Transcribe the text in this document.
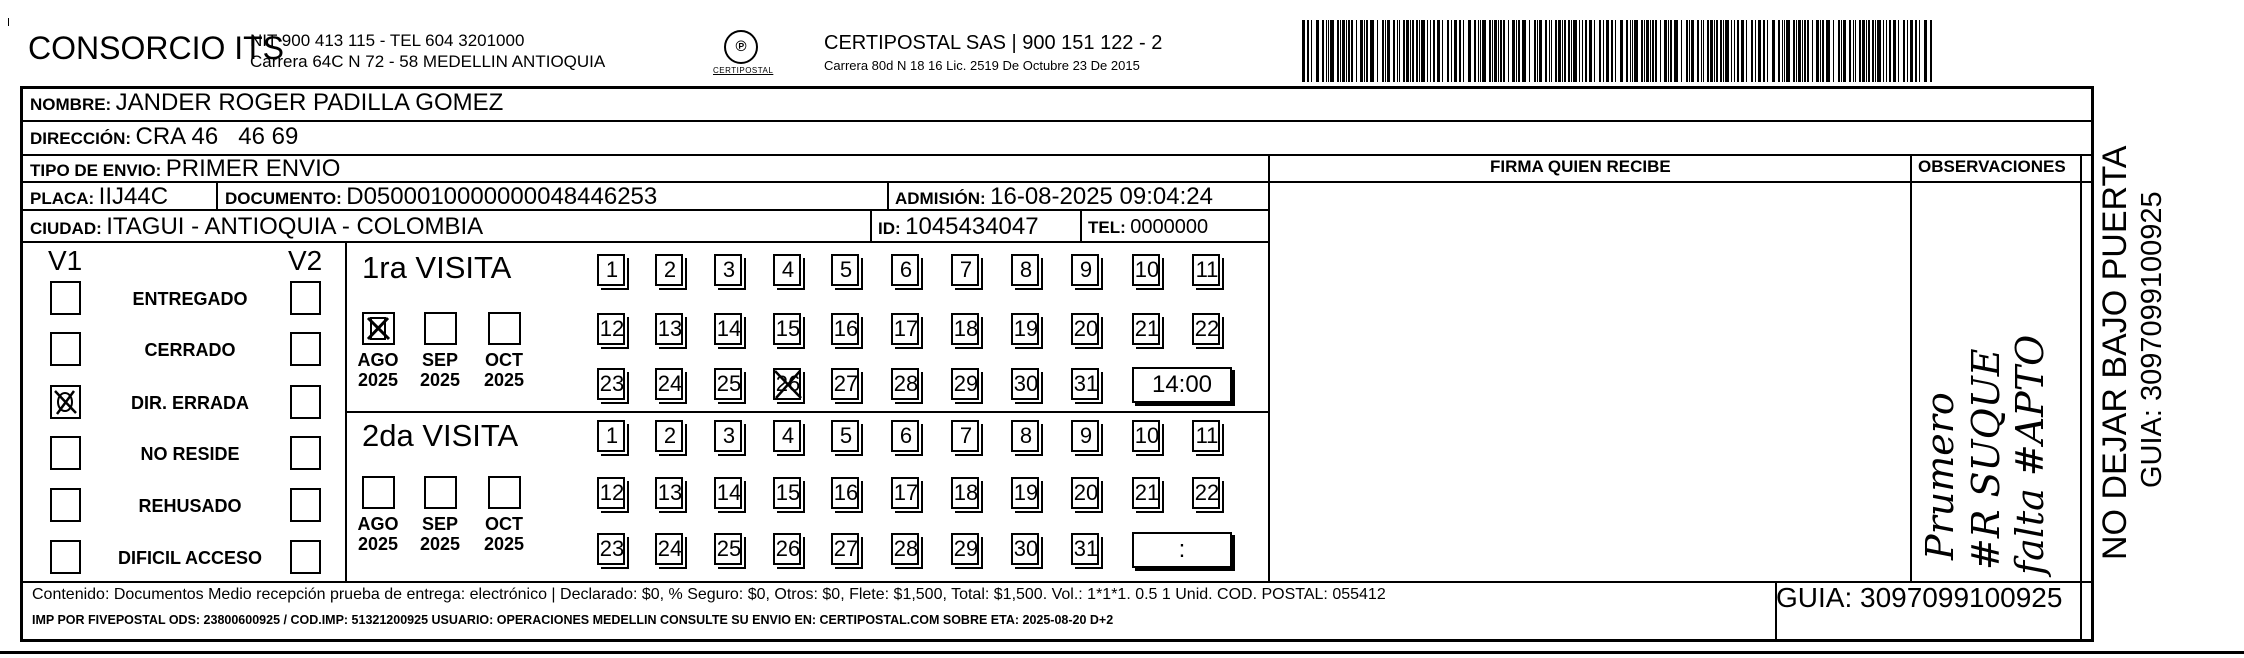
CONSORCIO ITS
NIT 900 413 115 - TEL 604 3201000
Carrera 64C N 72 - 58 MEDELLIN ANTIOQUIA
℗
CERTIPOSTAL
CERTIPOSTAL SAS | 900 151 122 - 2
Carrera 80d N 18 16 Lic. 2519 De Octubre 23 De 2015
NOMBRE: JANDER ROGER PADILLA GOMEZ
DIRECCIÓN: CRA 46   46 69
TIPO DE ENVIO: PRIMER ENVIO
PLACA: IIJ44C	DOCUMENTO: D0500010000000048446253	ADMISIÓN: 16-08-2025 09:04:24
CIUDAD: ITAGUI - ANTIOQUIA - COLOMBIA	ID: 1045434047	TEL: 0000000
FIRMA QUIEN RECIBE	OBSERVACIONES
Prumero #R SUQUE falta #APTO
V1	V2
ENTREGADO
CERRADO
DIR. ERRADA
NO RESIDE
REHUSADO
DIFICIL ACCESO
1ra VISITA
AGO
2025
SEP
2025
OCT
2025
1	2	3	4	5	6	7	8	9	10 11
12 13 14 15 16 17 18 19 20 21 22
23 24 25 26 27 28 29 30 31	14:00
2da VISITA
AGO
2025
SEP
2025
OCT
2025
1	2	3	4	5	6	7	8	9	10 11
12 13 14 15 16 17 18 19 20 21 22
23 24 25 26 27 28 29 30 31	:
Contenido: Documentos Medio recepción prueba de entrega: electrónico | Declarado: $0, % Seguro: $0, Otros: $0, Flete: $1,500, Total: $1,500. Vol.: 1*1*1. 0.5 1 Unid. COD. POSTAL: 055412
IMP POR FIVEPOSTAL ODS: 23800600925 / COD.IMP: 51321200925 USUARIO: OPERACIONES MEDELLIN CONSULTE SU ENVIO EN: CERTIPOSTAL.COM SOBRE ETA: 2025-08-20 D+2
GUIA: 3097099100925
NO DEJAR BAJO PUERTA GUIA: 3097099100925
